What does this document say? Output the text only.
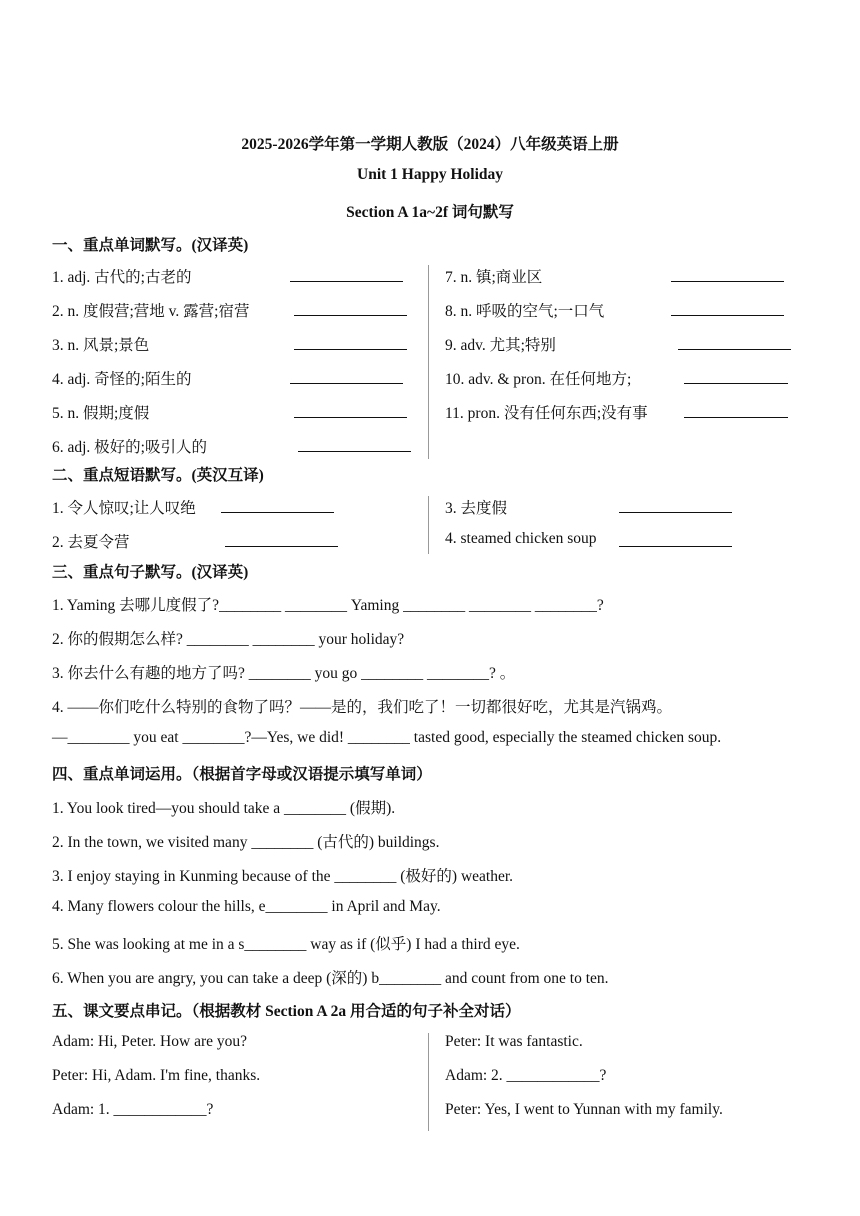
2025-2026学年第一学期人教版（2024）八年级英语上册
Unit 1 Happy Holiday
Section A 1a~2f 词句默写
一、重点单词默写。(汉译英)
1. adj. 古代的;古老的
2. n. 度假营;营地 v. 露营;宿营
3. n. 风景;景色
4. adj. 奇怪的;陌生的
5. n. 假期;度假
6. adj. 极好的;吸引人的
7. n. 镇;商业区
8. n. 呼吸的空气;一口气
9. adv. 尤其;特别
10. adv. & pron. 在任何地方;
11. pron. 没有任何东西;没有事
二、重点短语默写。(英汉互译)
1. 令人惊叹;让人叹绝
2. 去夏令营
3. 去度假
4. steamed chicken soup
三、重点句子默写。(汉译英)
1. Yaming 去哪儿度假了?________ ________ Yaming ________ ________ ________?
2. 你的假期怎么样? ________ ________ your holiday?
3. 你去什么有趣的地方了吗? ________ you go ________ ________? 。
4. ——你们吃什么特别的食物了吗？——是的，我们吃了！一切都很好吃，尤其是汽锅鸡。
—________ you eat ________?—Yes, we did! ________ tasted good, especially the steamed chicken soup.
四、重点单词运用。（根据首字母或汉语提示填写单词）
1. You look tired—you should take a ________ (假期).
2. In the town, we visited many ________ (古代的) buildings.
3. I enjoy staying in Kunming because of the ________ (极好的) weather.
4. Many flowers colour the hills, e________ in April and May.
5. She was looking at me in a s________ way as if (似乎) I had a third eye.
6. When you are angry, you can take a deep (深的) b________ and count from one to ten.
五、课文要点串记。（根据教材 Section A 2a 用合适的句子补全对话）
Adam: Hi, Peter. How are you?
Peter: Hi, Adam. I'm fine, thanks.
Adam: 1. ____________?
Peter: It was fantastic.
Adam: 2. ____________?
Peter: Yes, I went to Yunnan with my family.
